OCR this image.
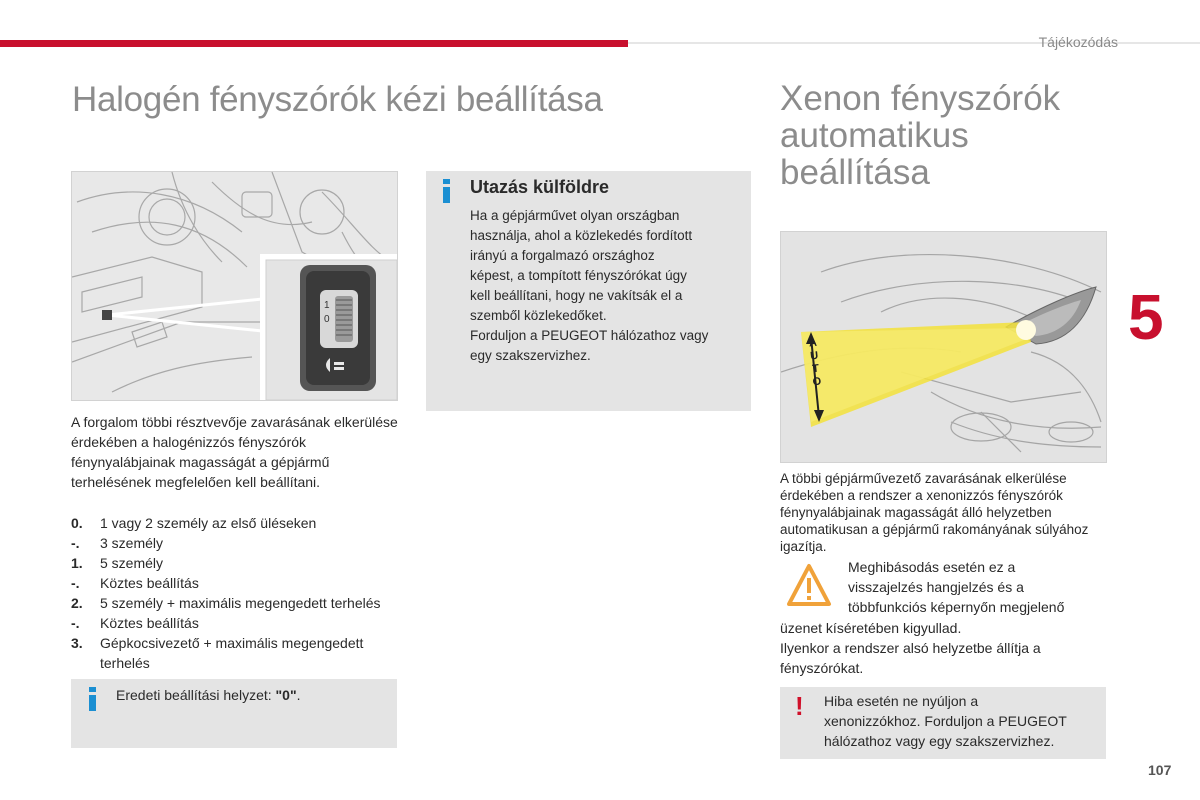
Tájékozódás
Halogén fényszórók kézi beállítása
1
0
A forgalom többi résztvevője zavarásának elkerülése érdekében a halogénizzós fényszórók fénynyalábjainak magasságát a gépjármű terhelésének megfelelően kell beállítani.
0.	1 vagy 2 személy az első üléseken
-.	3 személy
1.	5 személy
-.	Köztes beállítás
2.	5 személy + maximális megengedett terhelés
-.	Köztes beállítás
3.	Gépkocsivezető + maximális megengedett terhelés
Eredeti beállítási helyzet: "0".
Utazás külföldre
Ha a gépjárművet olyan országban
használja, ahol a közlekedés fordított
irányú a forgalmazó országhoz
képest, a tompított fényszórókat úgy
kell beállítani, hogy ne vakítsák el a
szemből közlekedőket.
Forduljon a PEUGEOT hálózathoz vagy
egy szakszervizhez.
Xenon fényszórók
automatikus
beállítása
AUTO
A többi gépjárművezető zavarásának elkerülése érdekében a rendszer a xenonizzós fényszórók fénynyalábjainak magasságát álló helyzetben automatikusan a gépjármű rakományának súlyához igazítja.
Meghibásodás esetén ez a
visszajelzés hangjelzés és a
többfunkciós képernyőn megjelenő
üzenet kíséretében kigyullad.
Ilyenkor a rendszer alsó helyzetbe állítja a fényszórókat.
! Hiba esetén ne nyúljon a
xenonizzókhoz. Forduljon a PEUGEOT
hálózathoz vagy egy szakszervizhez.
5
107
